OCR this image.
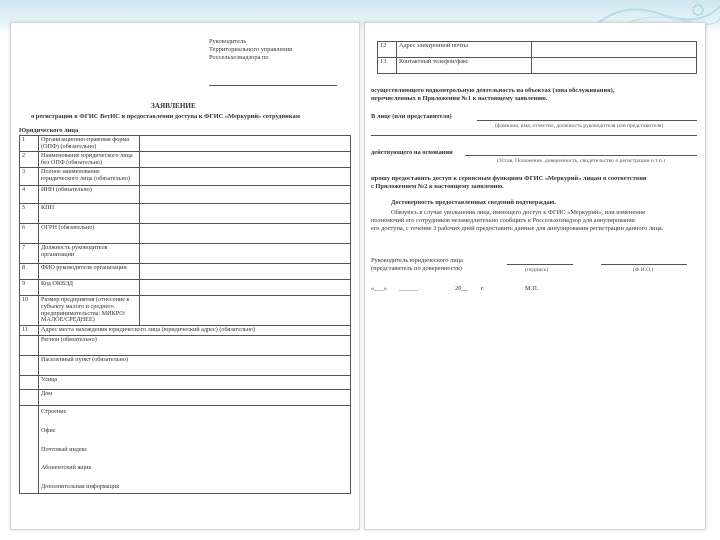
Руководитель
Территориального управления
Россельхознадзора по
ЗАЯВЛЕНИЕ
о регистрации в ФГИС ВетИС и предоставлении доступа к ФГИС «Меркурий» сотрудникам
Юридического лица
1	Организационно-правовая форма (ОПФ) (обязательно)	
2	Наименование юридического лица без ОПФ (обязательно)	
3	Полное наименование юридического лица (обязательно)	
4	ИНН (обязательно)	
5	КПП	
6	ОГРН (обязательно)	
7	Должность руководителя организации	
8	ФИО руководителя организации	
9	Код ОКВЭД	
10	Размер предприятия (отнесение к субъекту малого и среднего предпринимательства: МИКРО/МАЛОЕ/СРЕДНЕЕ)	
11	Адрес места нахождения юридического лица (юридический адрес) (обязательно)	
	Регион (обязательно)	
	Населенный пункт (обязательно)	
	Улица	
	Дом	

	Строение
Офис
Почтовый индекс
Абонентский ящик
Дополнительная информация	
12	Адрес электронной почты	
13	Контактный телефон/факс	
осуществляющего подконтрольную деятельность на объектах (зона обслуживания),
перечисленных в Приложении №1 к настоящему заявлению.
В лице (или представителя)
(фамилия, имя, отчество, должность руководителя или представителя)
действующего на основании
(Устав, Положение, доверенность, свидетельство о регистрации и т.п.)
прошу предоставить доступ к сервисным функциям ФГИС «Меркурий» лицам в соответствии
с Приложением №2 к настоящему заявлению.
Достоверность предоставленных сведений подтверждаю.
Обязуюсь в случае увольнения лица, имеющего доступ к ФГИС «Меркурий», или изменения
полномочий его сотрудников незамедлительно сообщить в Россельхознадзор для аннулирования
его доступа, с течение 3 рабочих дней предоставить данные для аннулирования регистрации данного лица.
Руководитель юридического лица
(представитель по доверенности)	(подпись)	(Ф.И.О.)
«___» ______	20__ г.	М.П.
